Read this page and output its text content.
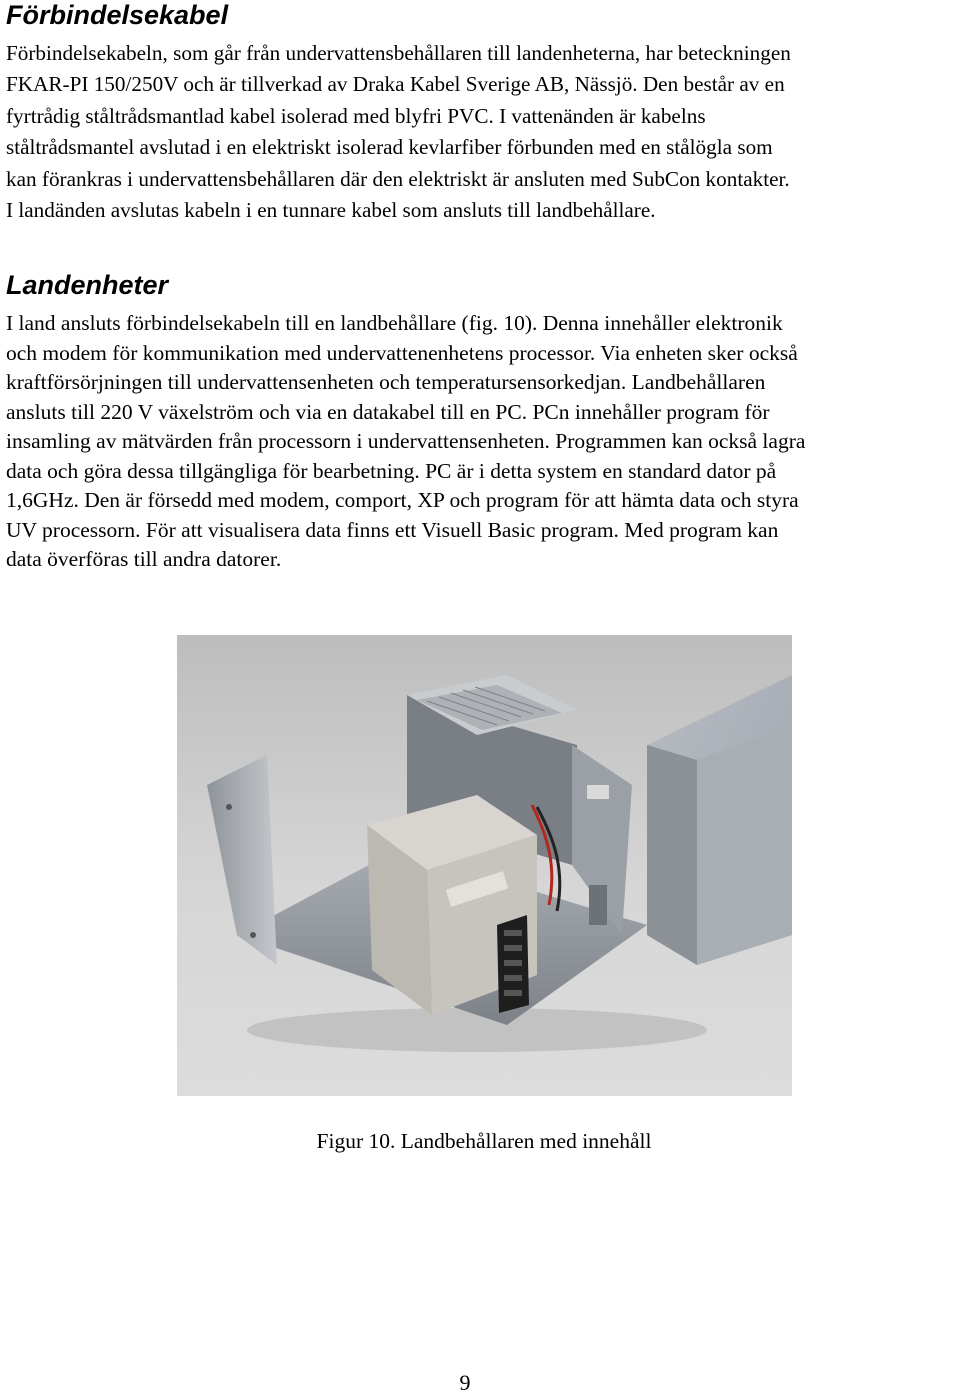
Förbindelsekabel
Förbindelsekabeln, som går från undervattensbehållaren till landenheterna, har beteckningen
FKAR-PI 150/250V och är tillverkad av Draka Kabel Sverige AB, Nässjö. Den består av en
fyrtrådig ståltrådsmantlad kabel isolerad med blyfri PVC. I vattenänden är kabelns
ståltrådsmantel avslutad i en elektriskt isolerad kevlarfiber förbunden med en stålögla som
kan förankras i undervattensbehållaren där den elektriskt är ansluten med SubCon kontakter.
I landänden avslutas kabeln i en tunnare kabel som ansluts till landbehållare.
Landenheter
I land ansluts förbindelsekabeln till en landbehållare (fig. 10). Denna innehåller elektronik
och modem för kommunikation med undervattenenhetens processor. Via enheten sker också
kraftförsörjningen till undervattensenheten och temperatursensorkedjan. Landbehållaren
ansluts till 220 V växelström och via en datakabel till en PC. PCn innehåller program för
insamling av mätvärden från processorn i undervattensenheten. Programmen kan också lagra
data och göra dessa tillgängliga för bearbetning. PC är i detta system en standard dator på
1,6GHz. Den är försedd med modem, comport, XP och program för att hämta data och styra
UV processorn. För att visualisera data finns ett Visuell Basic program. Med program kan
data överföras till andra datorer.
Figur 10. Landbehållaren med innehåll
9
